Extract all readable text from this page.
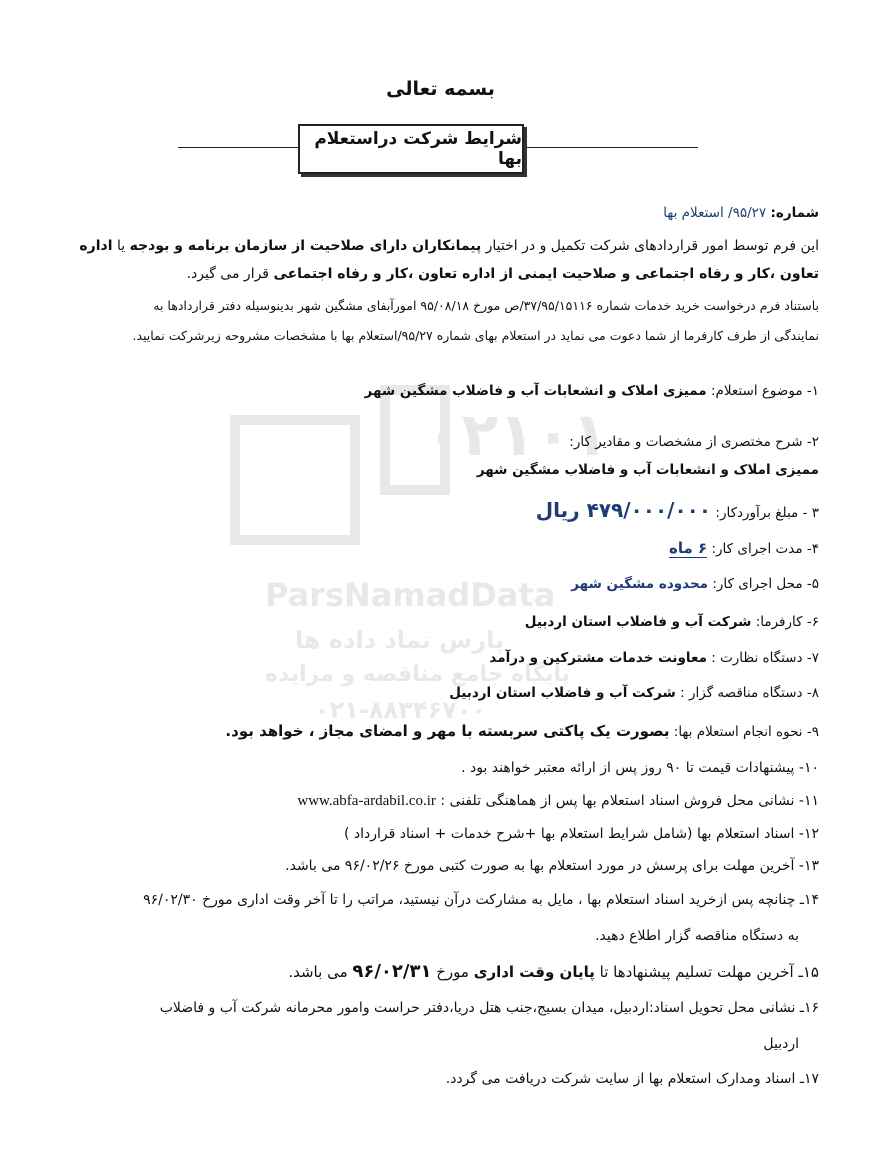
۰۲۱۰۱
ParsNamadData
پارس نماد داده ها
پایگاه جامع مناقصه و مزایده
۰۲۱-۸۸۳۴۶۷۰۰
بسمه تعالی
شرایط شرکت دراستعلام بها
شماره: ۹۵/۲۷/ استعلام بها
این فرم توسط امور قراردادهای شرکت تکمیل و در اختیار پیمانکاران دارای صلاحیت از سازمان برنامه و بودجه یا اداره
تعاون ،کار و رفاه اجتماعی و صلاحیت ایمنی از اداره تعاون ،کار و رفاه اجتماعی قرار می گیرد.
باستناد فرم درخواست خرید خدمات شماره ۳۷/۹۵/۱۵۱۱۶/ص مورخ ۹۵/۰۸/۱۸ امورآبفای مشگین شهر بدینوسیله دفتر قراردادها به
نمایندگی از طرف کارفرما از شما دعوت می نماید در استعلام بهای شماره ۹۵/۲۷/استعلام بها با مشخصات مشروحه زیرشرکت نمایید.
۱- موضوع استعلام: ممیزی املاک و انشعابات آب و فاضلاب مشگین شهر
۲- شرح مختصری از مشخصات و مقادیر کار:
ممیزی املاک و انشعابات آب و فاضلاب مشگین شهر
۳ - مبلغ برآوردکار: ۴۷۹/۰۰۰/۰۰۰ ریال
۴- مدت اجرای کار: ۶ ماه
۵- محل اجرای کار: محدوده مشگین شهر
۶- کارفرما: شرکت آب و فاضلاب استان اردبیل
۷- دستگاه نظارت : معاونت خدمات مشترکین و درآمد
۸- دستگاه مناقصه گزار : شرکت آب و فاضلاب استان اردبیل
۹- نحوه انجام استعلام بها: بصورت یک پاکتی سربسته با مهر و امضای مجاز ، خواهد بود.
۱۰- پیشنهادات قیمت تا ۹۰ روز پس از ارائه معتبر خواهند بود .
۱۱- نشانی محل فروش اسناد استعلام بها پس از هماهنگی تلفنی : www.abfa-ardabil.co.ir
۱۲- اسناد استعلام بها (شامل شرایط استعلام بها +شرح خدمات + اسناد قرارداد )
۱۳- آخرین مهلت برای پرسش در مورد استعلام بها به صورت کتبی مورخ ۹۶/۰۲/۲۶ می باشد.
۱۴ـ چنانچه پس ازخرید اسناد استعلام بها ، مایل به مشارکت درآن نیستید، مراتب را تا آخر وقت اداری مورخ ۹۶/۰۲/۳۰
به دستگاه مناقصه گزار اطلاع دهید.
۱۵ـ آخرین مهلت تسلیم پیشنهادها تا پایان وقت اداری مورخ ۹۶/۰۲/۳۱ می باشد.
۱۶ـ نشانی محل تحویل اسناد:اردبیل، میدان بسیج،جنب هتل دریا،دفتر حراست وامور محرمانه شرکت آب و فاضلاب
اردبیل
۱۷ـ اسناد ومدارک استعلام بها از سایت شرکت دریافت می گردد.
